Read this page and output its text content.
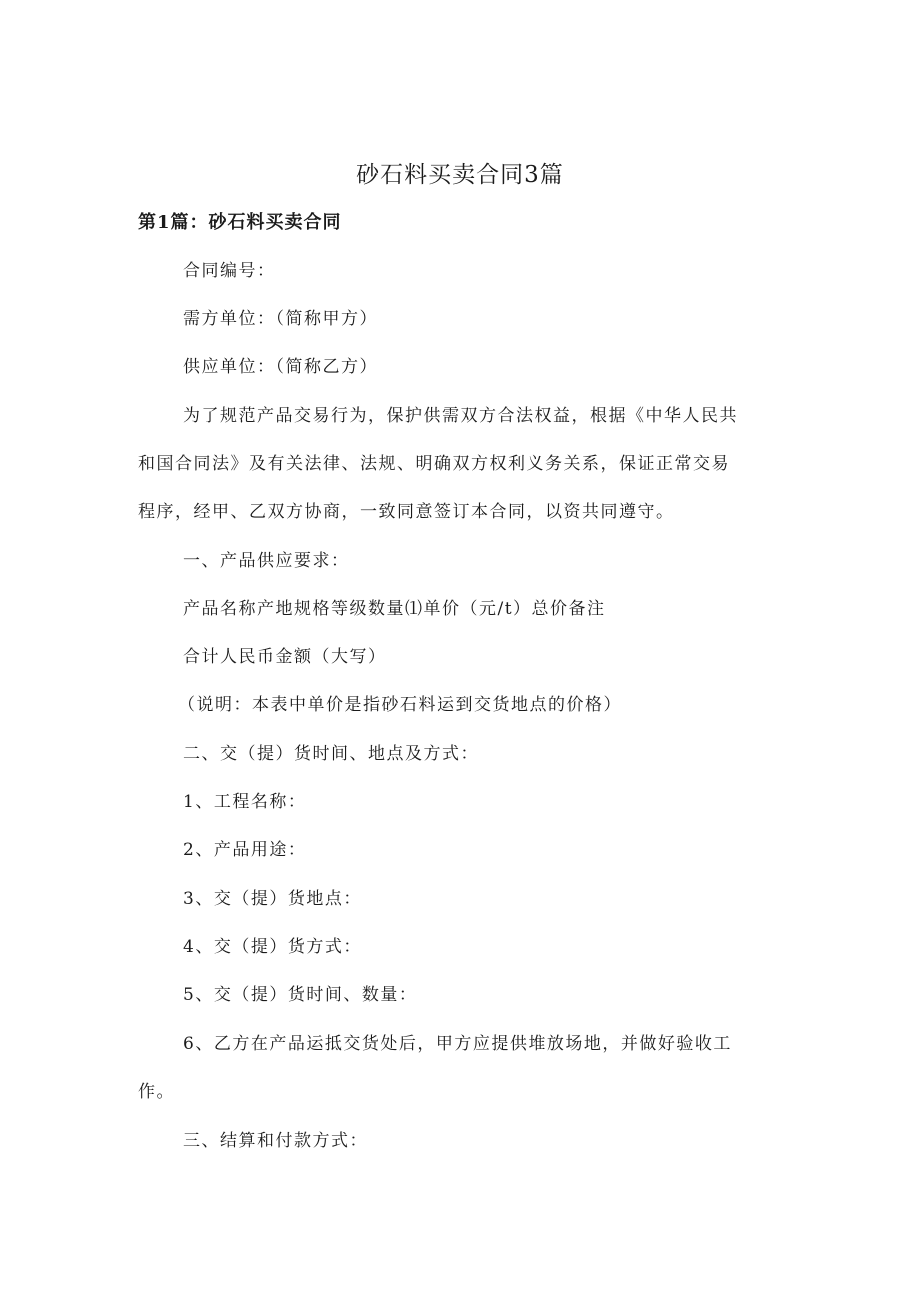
砂石料买卖合同3篇
第1篇：砂石料买卖合同
合同编号：
需方单位：（简称甲方）
供应单位：（简称乙方）
为了规范产品交易行为，保护供需双方合法权益，根据《中华人民共
和国合同法》及有关法律、法规、明确双方权利义务关系，保证正常交易
程序，经甲、乙双方协商，一致同意签订本合同，以资共同遵守。
一、产品供应要求：
产品名称产地规格等级数量⑴单价（元/t）总价备注
合计人民币金额（大写）
（说明：本表中单价是指砂石料运到交货地点的价格）
二、交（提）货时间、地点及方式：
1、工程名称：
2、产品用途：
3、交（提）货地点：
4、交（提）货方式：
5、交（提）货时间、数量：
6、乙方在产品运抵交货处后，甲方应提供堆放场地，并做好验收工
作。
三、结算和付款方式：
